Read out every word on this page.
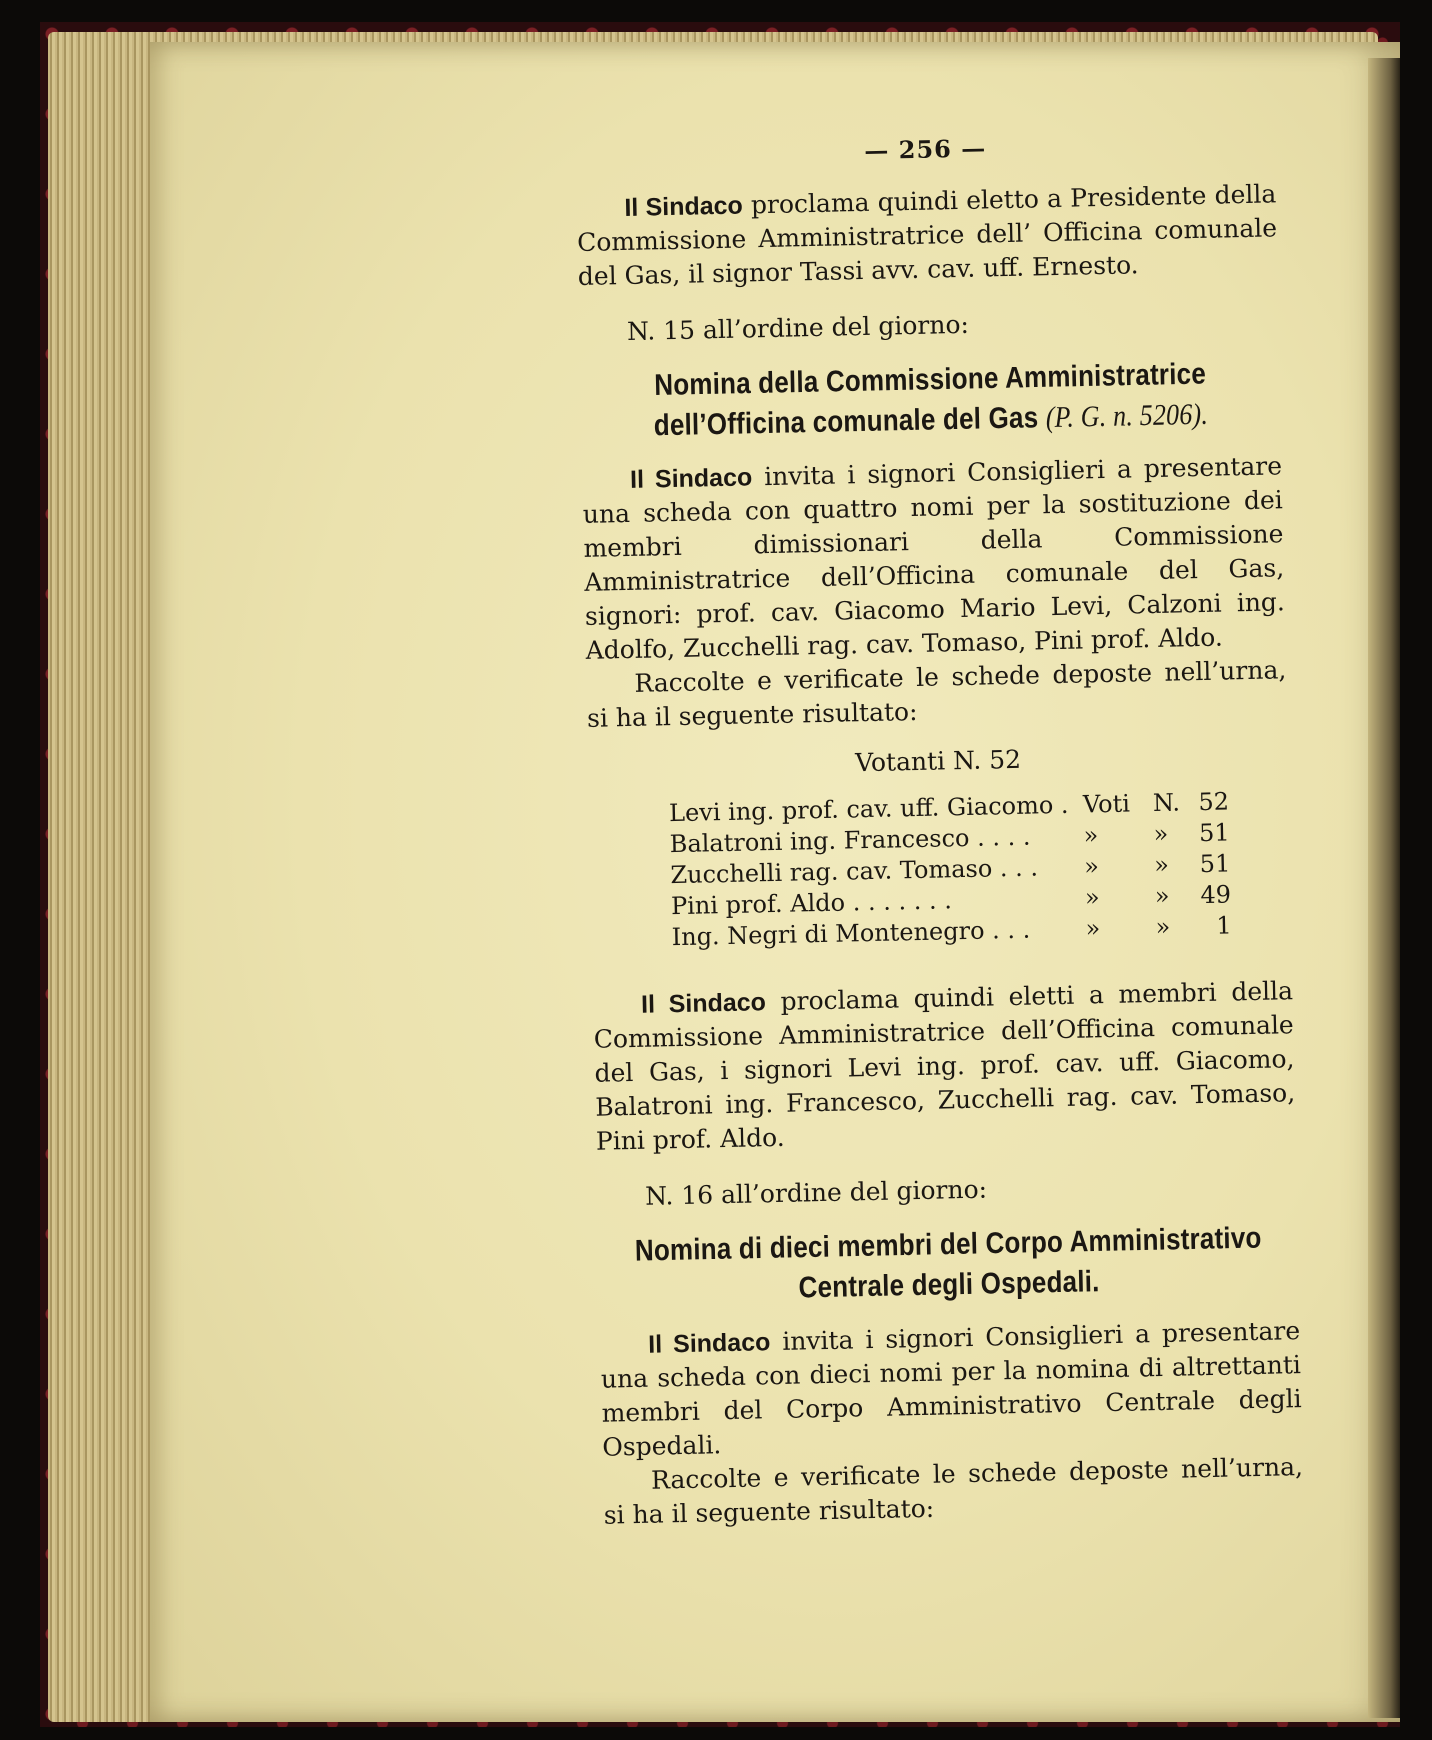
— 256 —

Il Sindaco proclama quindi eletto a Presidente della Commissione Amministratrice dell’ Officina comunale del Gas, il signor Tassi avv. cav. uff. Ernesto.

N. 15 all’ordine del giorno:

Nomina della Commissione Amministratrice dell’Officina comunale del Gas (P. G. n. 5206).

Il Sindaco invita i signori Consiglieri a presentare una scheda con quattro nomi per la sostituzione dei membri dimissionari della Commissione Amministratrice dell’Officina comunale del Gas, signori: prof. cav. Giacomo Mario Levi, Calzoni ing. Adolfo, Zucchelli rag. cav. Tomaso, Pini prof. Aldo.

Raccolte e verificate le schede deposte nell’urna, si ha il seguente risultato:

Votanti N. 52

Levi ing. prof. cav. uff. Giacomo .	Voti	N.	52
Balatroni ing. Francesco . . . .	»	»	51
Zucchelli rag. cav. Tomaso . . .	»	»	51
Pini prof. Aldo . . . . . . .	»	»	49
Ing. Negri di Montenegro . . .	»	»	1

Il Sindaco proclama quindi eletti a membri della Commissione Amministratrice dell’Officina comunale del Gas, i signori Levi ing. prof. cav. uff. Giacomo, Balatroni ing. Francesco, Zucchelli rag. cav. Tomaso, Pini prof. Aldo.

N. 16 all’ordine del giorno:

Nomina di dieci membri del Corpo Amministrativo Centrale degli Ospedali.

Il Sindaco invita i signori Consiglieri a presentare una scheda con dieci nomi per la nomina di altrettanti membri del Corpo Amministrativo Centrale degli Ospedali.

Raccolte e verificate le schede deposte nell’urna, si ha il seguente risultato:
